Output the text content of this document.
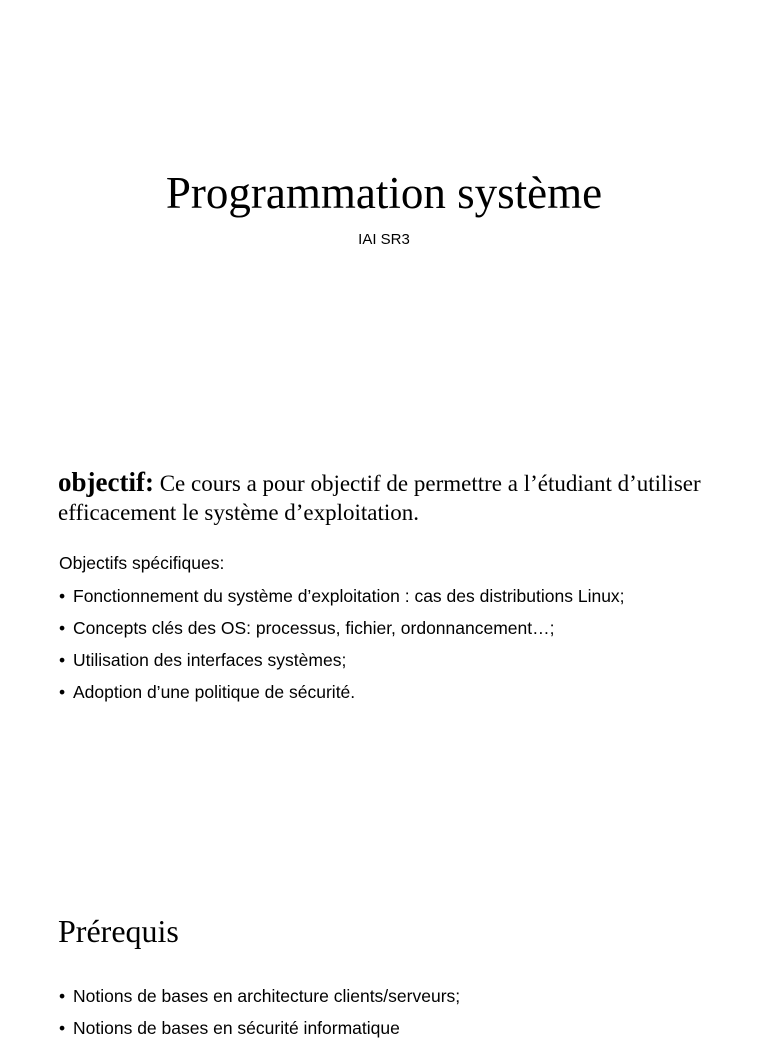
Programmation système

IAI SR3

objectif: Ce cours a pour objectif de permettre a l’étudiant d’utiliser efficacement le système d’exploitation.

Objectifs spécifiques:

• Fonctionnement du système d’exploitation : cas des distributions Linux;
• Concepts clés des OS: processus, fichier, ordonnancement…;
• Utilisation des interfaces systèmes;
• Adoption d’une politique de sécurité.
Prérequis
• Notions de bases en architecture clients/serveurs;
• Notions de bases en sécurité informatique
